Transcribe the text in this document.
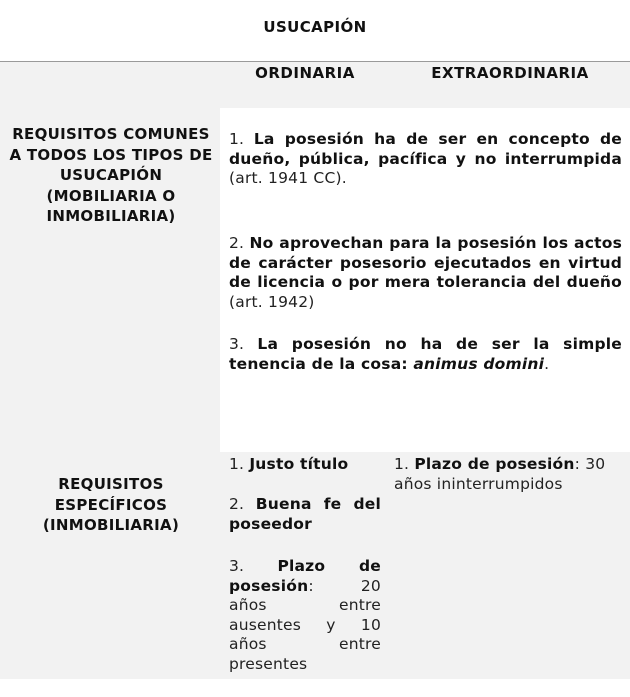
USUCAPIÓN
ORDINARIA	EXTRAORDINARIA
REQUISITOS COMUNES A TODOS LOS TIPOS DE USUCAPIÓN (MOBILIARIA O INMOBILIARIA)
REQUISITOS ESPECÍFICOS (INMOBILIARIA)
1. La posesión ha de ser en concepto de dueño, pública, pacífica y no interrumpida (art. 1941 CC).
2. No aprovechan para la posesión los actos de carácter posesorio ejecutados en virtud de licencia o por mera tolerancia del dueño (art. 1942)
3. La posesión no ha de ser la simple tenencia de la cosa: animus domini.
1. Justo título
2. Buena fe del poseedor
3. Plazo de posesión: 20 años entre ausentes y 10 años entre presentes
1. Plazo de posesión: 30 años ininterrumpidos
